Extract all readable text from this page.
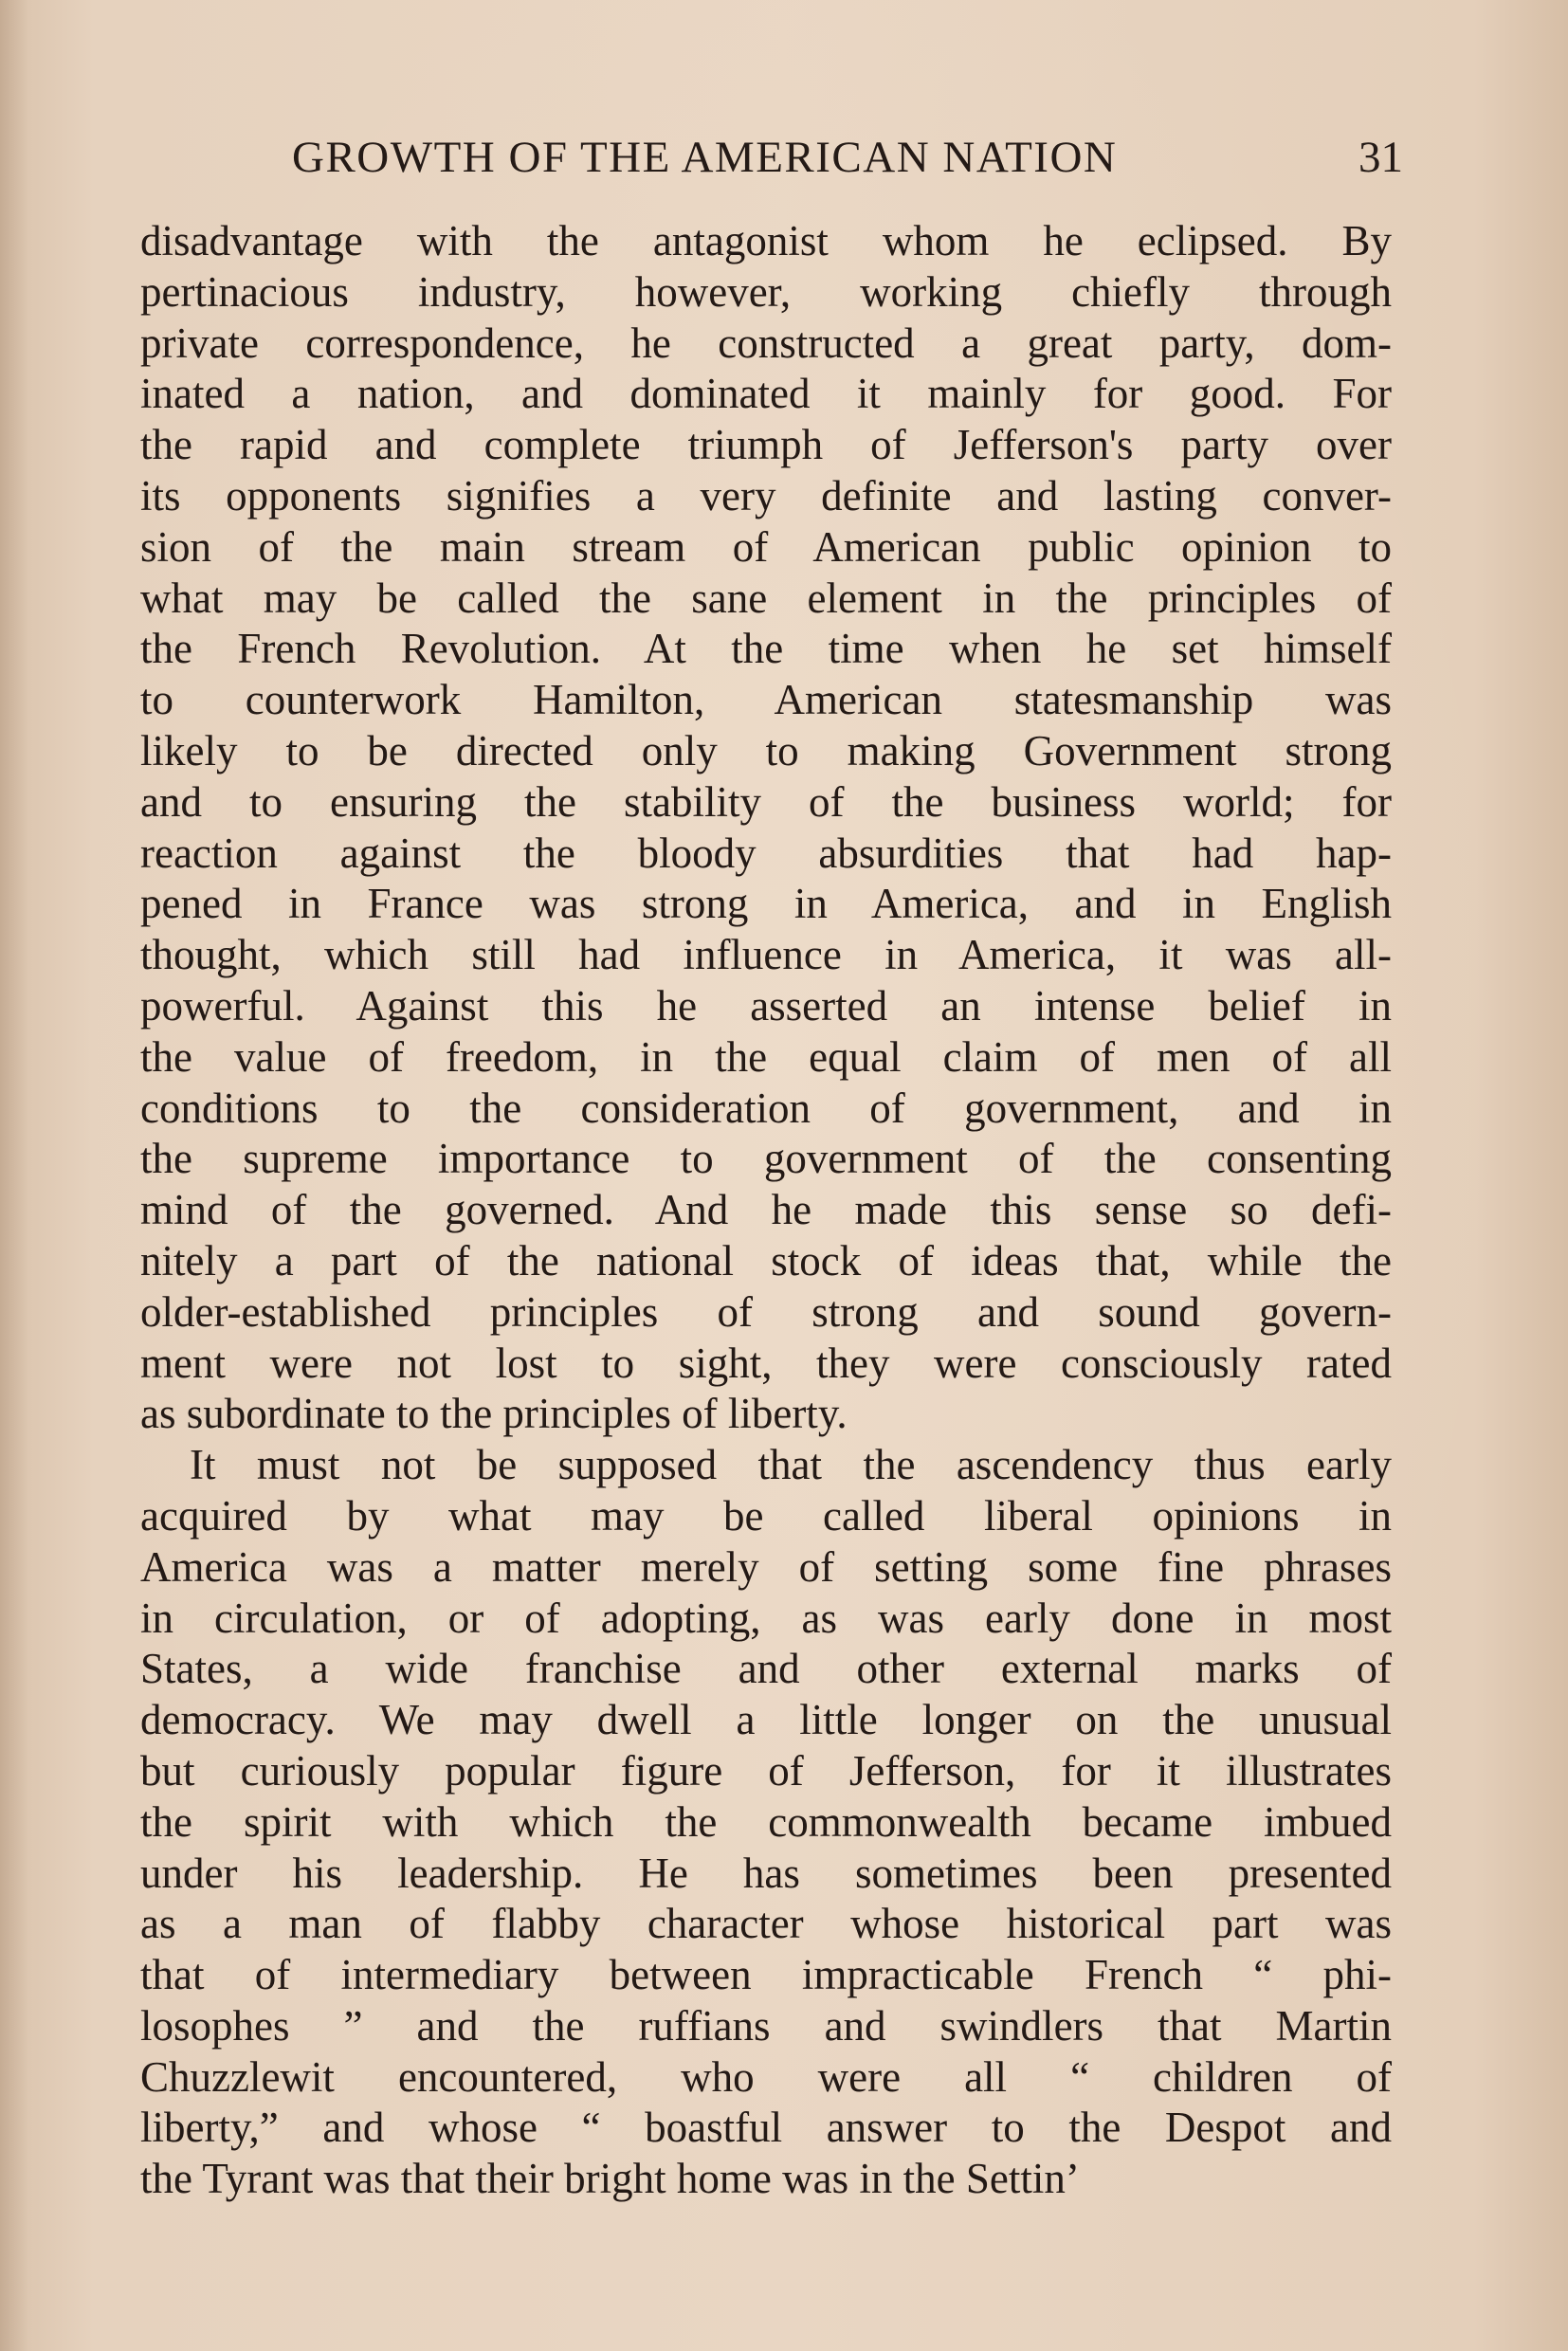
GROWTH OF THE AMERICAN NATION	31
disadvantage with the antagonist whom he eclipsed. By
pertinacious industry, however, working chiefly through
private correspondence, he constructed a great party, dom-
inated a nation, and dominated it mainly for good. For
the rapid and complete triumph of Jefferson's party over
its opponents signifies a very definite and lasting conver-
sion of the main stream of American public opinion to
what may be called the sane element in the principles of
the French Revolution. At the time when he set himself
to counterwork Hamilton, American statesmanship was
likely to be directed only to making Government strong
and to ensuring the stability of the business world; for
reaction against the bloody absurdities that had hap-
pened in France was strong in America, and in English
thought, which still had influence in America, it was all-
powerful. Against this he asserted an intense belief in
the value of freedom, in the equal claim of men of all
conditions to the consideration of government, and in
the supreme importance to government of the consenting
mind of the governed. And he made this sense so defi-
nitely a part of the national stock of ideas that, while the
older-established principles of strong and sound govern-
ment were not lost to sight, they were consciously rated
as subordinate to the principles of liberty.
It must not be supposed that the ascendency thus early
acquired by what may be called liberal opinions in
America was a matter merely of setting some fine phrases
in circulation, or of adopting, as was early done in most
States, a wide franchise and other external marks of
democracy. We may dwell a little longer on the unusual
but curiously popular figure of Jefferson, for it illustrates
the spirit with which the commonwealth became imbued
under his leadership. He has sometimes been presented
as a man of flabby character whose historical part was
that of intermediary between impracticable French “ phi-
losophes ” and the ruffians and swindlers that Martin
Chuzzlewit encountered, who were all “ children of
liberty,” and whose “ boastful answer to the Despot and
the Tyrant was that their bright home was in the Settin’
